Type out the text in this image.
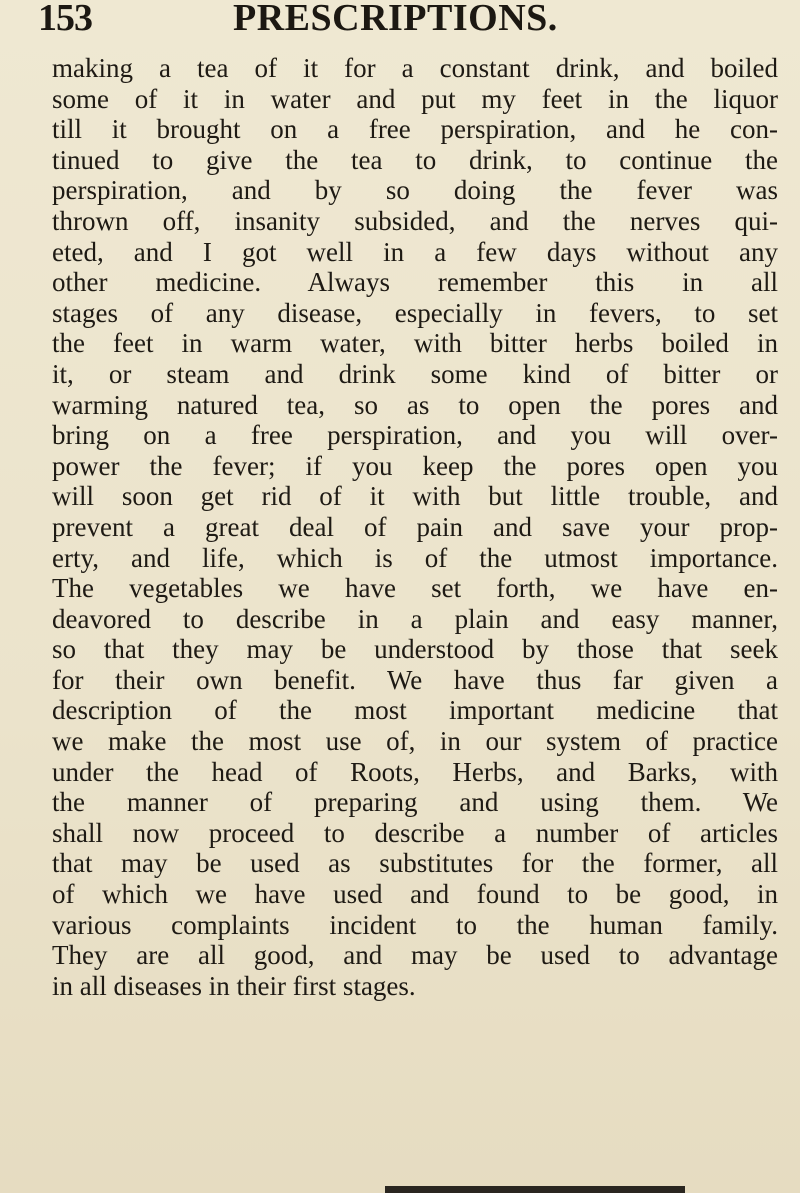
153	PRESCRIPTIONS.
making a tea of it for a constant drink, and boiled
some of it in water and put my feet in the liquor
till it brought on a free perspiration, and he con-
tinued to give the tea to drink, to continue the
perspiration, and by so doing the fever was
thrown off, insanity subsided, and the nerves qui-
eted, and I got well in a few days without any
other medicine. Always remember this in all
stages of any disease, especially in fevers, to set
the feet in warm water, with bitter herbs boiled in
it, or steam and drink some kind of bitter or
warming natured tea, so as to open the pores and
bring on a free perspiration, and you will over-
power the fever; if you keep the pores open you
will soon get rid of it with but little trouble, and
prevent a great deal of pain and save your prop-
erty, and life, which is of the utmost importance.
The vegetables we have set forth, we have en-
deavored to describe in a plain and easy manner,
so that they may be understood by those that seek
for their own benefit. We have thus far given a
description of the most important medicine that
we make the most use of, in our system of practice
under the head of Roots, Herbs, and Barks, with
the manner of preparing and using them. We
shall now proceed to describe a number of articles
that may be used as substitutes for the former, all
of which we have used and found to be good, in
various complaints incident to the human family.
They are all good, and may be used to advantage
in all diseases in their first stages.
